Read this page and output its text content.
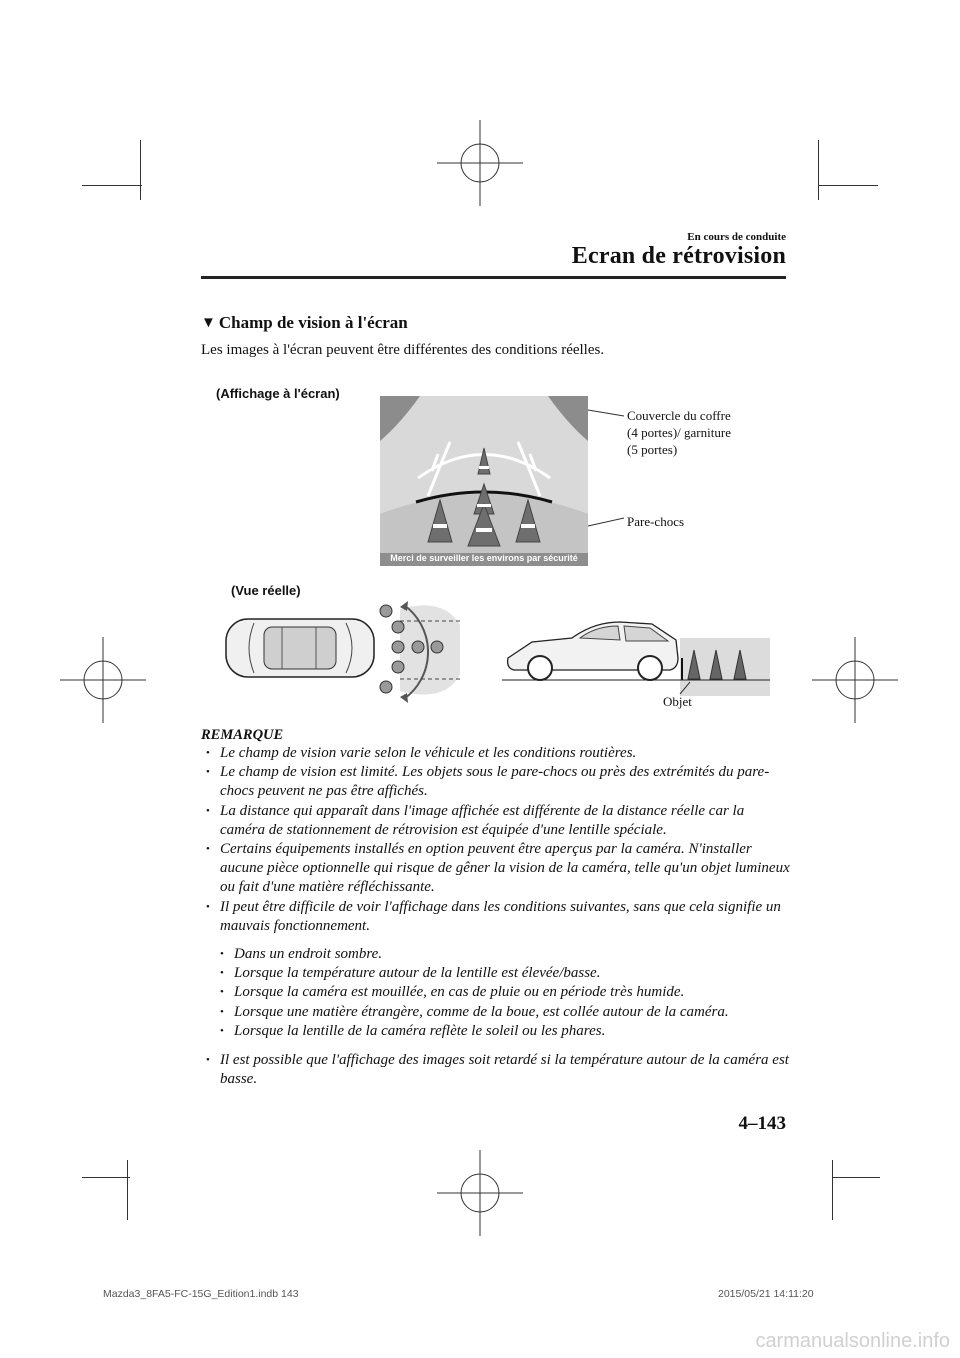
En cours de conduite
Ecran de rétrovision
▼ Champ de vision à l'écran
Les images à l'écran peuvent être différentes des conditions réelles.
(Affichage à l'écran)
Merci de surveiller les environs par sécurité
Couvercle du coffre
(4 portes)/ garniture
(5 portes)
Pare-chocs
(Vue réelle)
Objet
REMARQUE
• Le champ de vision varie selon le véhicule et les conditions routières.
• Le champ de vision est limité. Les objets sous le pare-chocs ou près des extrémités du pare-chocs peuvent ne pas être affichés.
• La distance qui apparaît dans l'image affichée est différente de la distance réelle car la caméra de stationnement de rétrovision est équipée d'une lentille spéciale.
• Certains équipements installés en option peuvent être aperçus par la caméra. N'installer aucune pièce optionnelle qui risque de gêner la vision de la caméra, telle qu'un objet lumineux ou fait d'une matière réfléchissante.
• Il peut être difficile de voir l'affichage dans les conditions suivantes, sans que cela signifie un mauvais fonctionnement.
• Dans un endroit sombre.
• Lorsque la température autour de la lentille est élevée/basse.
• Lorsque la caméra est mouillée, en cas de pluie ou en période très humide.
• Lorsque une matière étrangère, comme de la boue, est collée autour de la caméra.
• Lorsque la lentille de la caméra reflète le soleil ou les phares.
• Il est possible que l'affichage des images soit retardé si la température autour de la caméra est basse.
4–143
Mazda3_8FA5-FC-15G_Edition1.indb 143	2015/05/21 14:11:20
carmanualsonline.info
